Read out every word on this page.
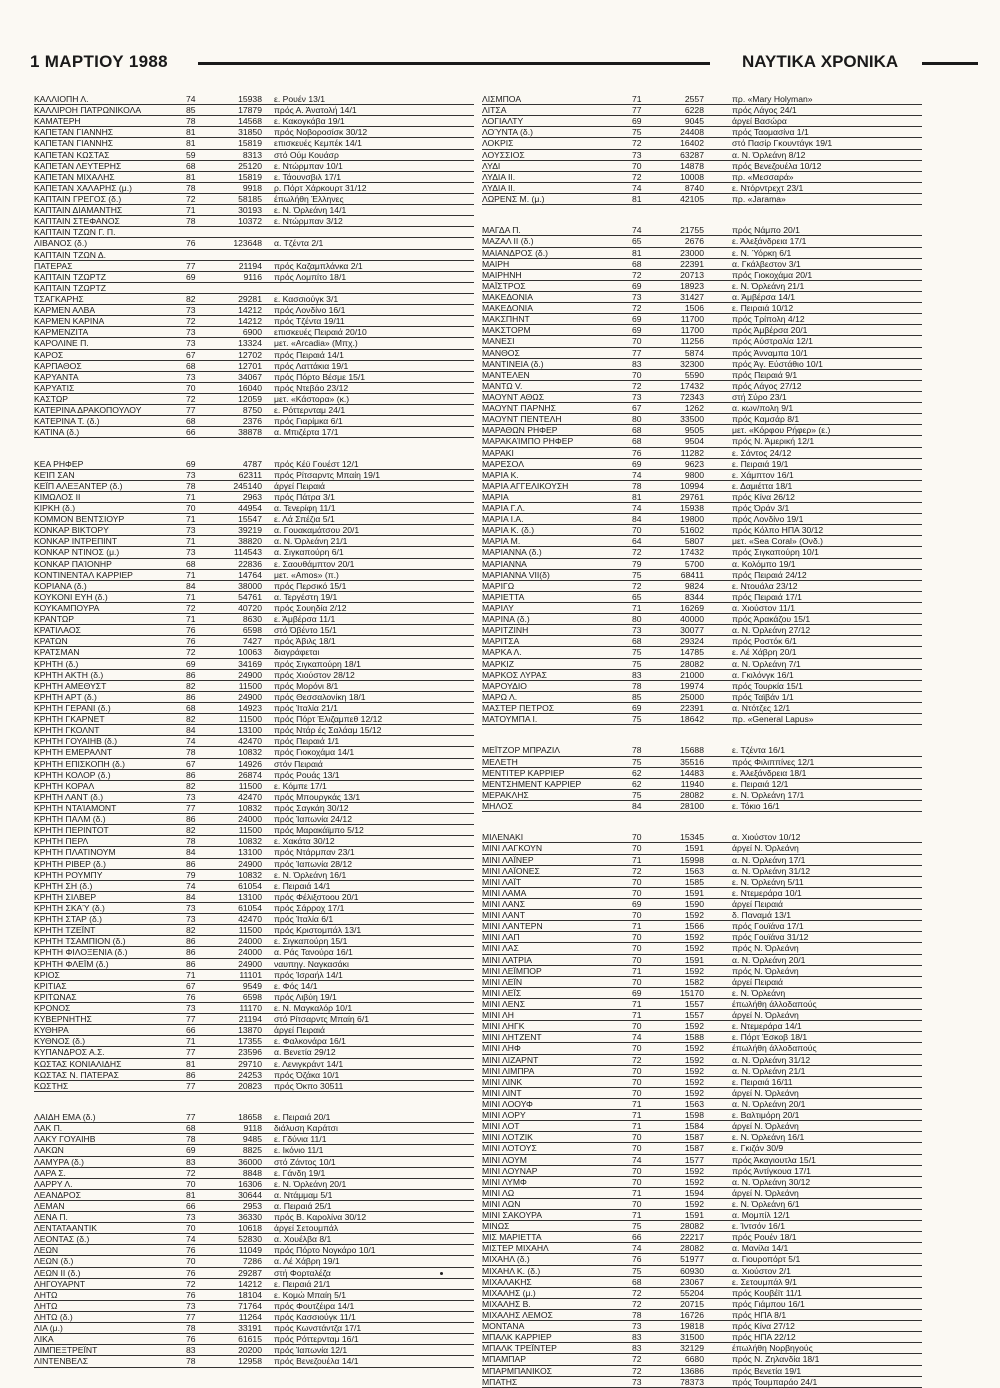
1 ΜΑΡΤΙΟΥ 1988	ΝΑΥΤΙΚΑ ΧΡΟΝΙΚΑ
ΚΑΛΛΙΟΠΗ Λ.	74	15938 ε. Ρουέν 13/1
ΚΑΛΛΙΡΟΗ ΠΑΤΡΩΝΙΚΟΛΑ	85	17879 πρός Α. Άνατολή 14/1
ΚΑΜΑΤΕΡΗ	78	14568 ε. Κακογκάβα 19/1
ΚΑΠΕΤΑΝ ΓΙΑΝΝΗΣ	81	31850 πρός Νοβοροσίσκ 30/12
ΚΑΠΕΤΑΝ ΓΙΑΝΝΗΣ	81	15819 επισκευές Κεμπέκ 14/1
ΚΑΠΕΤΑΝ ΚΩΣΤΑΣ	59	8313 στό Ούμ Κουάσρ
ΚΑΠΕΤΑΝ ΛΕΥΤΕΡΗΣ	68	25120 ε. Ντώρμπαν 10/1
ΚΑΠΕΤΑΝ ΜΙΧΑΛΗΣ	81	15819 ε. Τάουνσβιλ 17/1
ΚΑΠΕΤΑΝ ΧΑΛΑΡΗΣ (μ.)	78	9918 ρ. Πόρτ Χάρκουρτ 31/12
ΚΑΠΤΑΙΝ ΓΡΕΓΟΣ (δ.)	72	58185 έπωλήθη Έλληνες
ΚΑΠΤΑΙΝ ΔΙΑΜΑΝΤΗΣ	71	30193 ε. Ν. Όρλεάνη 14/1
ΚΑΠΤΑΙΝ ΣΤΕΦΑΝΟΣ	78	10372 ε. Ντώρμπαν 3/12
ΚΑΠΤΑΙΝ ΤΖΩΝ Γ. Π.
ΛΙΒΑΝΟΣ (δ.)	76	123648 α. Τζέντα 2/1
ΚΑΠΤΑΙΝ ΤΖΩΝ Δ.
ΠΑΤΕΡΑΣ	77	21194 πρός Καζαμπλάνκα 2/1
ΚΑΠΤΑΙΝ ΤΖΩΡΤΖ	69	9116 πρός Λομπίτο 18/1
ΚΑΠΤΑΙΝ ΤΖΩΡΤΖ
ΤΣΑΓΚΑΡΗΣ	82	29281 ε. Κασσιούγκ 3/1
ΚΑΡΜΕΝ ΑΛΒΑ	73	14212 πρός Λονδίνο 16/1
ΚΑΡΜΕΝ ΚΑΡΙΝΑ	72	14212 πρός Τζέντα 19/11
ΚΑΡΜΕΝΖΙΤΑ	73	6900 επισκευές Πειραιά 20/10
ΚΑΡΟΛΙΝΕ Π.	73	13324 μετ. «Arcadia» (Μπχ.)
ΚΑΡΟΣ	67	12702 πρός Πειραιά 14/1
ΚΑΡΠΑΘΟΣ	68	12701 πρός Λαττάκια 19/1
ΚΑΡΥΑΝΤΑ	73	34067 πρός Πόρτο Βέσμε 15/1
ΚΑΡΥΑΤΙΣ	70	16040 πρός Ντεβάο 23/12
ΚΑΣΤΩΡ	72	12059 μετ. «Κάστορα» (κ.)
ΚΑΤΕΡΙΝΑ ΔΡΑΚΟΠΟΥΛΟΥ	77	8750 ε. Ρόττερνταμ 24/1
ΚΑΤΕΡΙΝΑ Τ. (δ.)	68	2376 πρός Γιαρίμκα 6/1
ΚΑΤΙΝΑ (δ.)	66	38878 α. Μπιζέρτα 17/1
ΚΕΑ ΡΗΦΕΡ	69	4787 πρός Κέϋ Γουέστ 12/1
ΚΕΊΠ ΣΑΝ	73	62311 πρός Ρίτσαρντς Μπαίη 19/1
ΚΕΪΠ ΑΛΕΞΑΝΤΕΡ (δ.)	78	245140 άργεί Πειραιά
ΚΙΜΩΛΟΣ ΙΙ	71	2963 πρός Πάτρα 3/1
ΚΙΡΚΗ (δ.)	70	44954 α. Τενερίφη 11/1
ΚΟΜΜΟΝ ΒΕΝΤΣΙΟΥΡ	71	15547 ε. Λά Σπέζια 5/1
ΚΟΝΚΑΡ ΒΙΚΤΟΡΥ	73	39219 α. Γουακαμάτσου 20/1
ΚΟΝΚΑΡ ΙΝΤΡΕΠΙΝΤ	71	38820 α. Ν. Όρλεάνη 21/1
ΚΟΝΚΑΡ ΝΤΙΝΟΣ (μ.)	73	114543 α. Σιγκαπούρη 6/1
ΚΟΝΚΑΡ ΠΑΊΟΝΗΡ	68	22836 ε. Σαουθάμπτον 20/1
ΚΟΝΤΙΝΕΝΤΑΛ ΚΑΡΡΙΕΡ	71	14764 μετ. «Amos» (π.)
ΚΟΡΙΑΝΑ (δ.)	84	38000 πρός Περσικό 15/1
ΚΟΥΚΟΝΙ ΕΥΗ (δ.)	71	54761 α. Τεργέστη 19/1
ΚΟΥΚΑΜΠΟΥΡΑ	72	40720 πρός Σουηδία 2/12
ΚΡΑΝΤΩΡ	71	8630 ε. Άμβέρσα 11/1
ΚΡΑΤΙΛΑΟΣ	76	6598 στό Όβέντο 15/1
ΚΡΑΤΩΝ	76	7427 πρός Άβιλς 18/1
ΚΡΑΤΣΜΑΝ	72	10063 διαγράφεται
ΚΡΗΤΗ (δ.)	69	34169 πρός Σιγκαπούρη 18/1
ΚΡΗΤΗ ΑΚΤΗ (δ.)	86	24900 πρός Χιούστον 28/12
ΚΡΗΤΗ ΑΜΕΘΥΣΤ	82	11500 πρός Μορόνι 8/1
ΚΡΗΤΗ ΑΡΤ (δ.)	86	24900 πρός Θεσσαλονίκη 18/1
ΚΡΗΤΗ ΓΕΡΑΝΙ (δ.)	68	14923 πρός Ίταλία 21/1
ΚΡΗΤΗ ΓΚΑΡΝΕΤ	82	11500 πρός Πόρτ Έλιζαμπεθ 12/12
ΚΡΗΤΗ ΓΚΟΛΝΤ	84	13100 πρός Ντάρ ές Σαλάαμ 15/12
ΚΡΗΤΗ ΓΟΥΑΙΗΒ (δ.)	74	42470 πρός Πειραιά 1/1
ΚΡΗΤΗ ΕΜΕΡΑΛΝΤ	78	10832 πρός Γιοκοχάμα 14/1
ΚΡΗΤΗ ΕΠΙΣΚΟΠΗ (δ.)	67	14926 στόν Πειραιά
ΚΡΗΤΗ ΚΟΛΟΡ (δ.)	86	26874 πρός Ρουάς 13/1
ΚΡΗΤΗ ΚΟΡΑΛ	82	11500 ε. Κόμπε 17/1
ΚΡΗΤΗ ΛΑΝΤ (δ.)	73	42470 πρός Μπουργκάς 13/1
ΚΡΗΤΗ ΝΤΑΊΑΜΟΝΤ	77	10832 πρός Σαγκάη 30/12
ΚΡΗΤΗ ΠΑΛΜ (δ.)	86	24000 πρός Ίαπωνία 24/12
ΚΡΗΤΗ ΠΕΡΙΝΤΟΤ	82	11500 πρός Μαρακάϊμπο 5/12
ΚΡΗΤΗ ΠΕΡΛ	78	10832 ε. Χακάτα 30/12
ΚΡΗΤΗ ΠΛΑΤΙΝΟΥΜ	84	13100 πρός Ντάρμπαν 23/1
ΚΡΗΤΗ ΡΙΒΕΡ (δ.)	86	24900 πρός Ίαπωνία 28/12
ΚΡΗΤΗ ΡΟΥΜΠΥ	79	10832 ε. Ν. Όρλεάνη 16/1
ΚΡΗΤΗ ΣΗ (δ.)	74	61054 ε. Πειραιά 14/1
ΚΡΗΤΗ ΣΙΛΒΕΡ	84	13100 πρός Φέλιξστοου 20/1
ΚΡΗΤΗ ΣΚΑΎ (δ.)	73	61054 πρός Σάρροχ 17/1
ΚΡΗΤΗ ΣΤΑΡ (δ.)	73	42470 πρός Ίταλία 6/1
ΚΡΗΤΗ ΤΖΕΪΝΤ	82	11500 πρός Κριστομπάλ 13/1
ΚΡΗΤΗ ΤΣΑΜΠΙΟΝ (δ.)	86	24000 ε. Σιγκαπούρη 15/1
ΚΡΗΤΗ ΦΙΛΟΞΕΝΙΑ (δ.)	86	24000 α. Ράς Τανούρα 16/1
ΚΡΗΤΗ ΦΛΕΪΜ (δ.)	86	24900 ναυπηγ. Ναγκασάκι
ΚΡΙΟΣ	71	11101 πρός Ίσραήλ 14/1
ΚΡΙΤΙΑΣ	67	9549 ε. Φός 14/1
ΚΡΙΤΩΝΑΣ	76	6598 πρός Λιβύη 19/1
ΚΡΟΝΟΣ	73	11170 ε. Ν. Μαγκαλόρ 10/1
ΚΥΒΕΡΝΗΤΗΣ	77	21194 στό Ρίτσαρντς Μπαίη 6/1
ΚΥΘΗΡΑ	66	13870 άργεί Πειραιά
ΚΥΘΝΟΣ (δ.)	71	17355 ε. Φαλκονάρα 16/1
ΚΥΠΑΝΔΡΟΣ Α.Σ.	77	23596 α. Βενετία 29/12
ΚΩΣΤΑΣ ΚΟΝΙΑΛΙΔΗΣ	81	29710 ε. Λενιγκράντ 14/1
ΚΩΣΤΑΣ Ν. ΠΑΤΕΡΑΣ	86	24253 πρός Όζάκα 10/1
ΚΩΣΤΗΣ	77	20823 πρός Όκπο 30511
ΛΑΙΔΗ ΕΜΑ (δ.)	77	18658 ε. Πειραιά 20/1
ΛΑΚ Π.	68	9118 διάλυση Καράτσι
ΛΑΚΥ ΓΟΥΑΙΗΒ	78	9485 ε. Γδύνια 11/1
ΛΑΚΩΝ	69	8825 ε. Ικόνιο 11/1
ΛΑΜΥΡΑ (δ.)	83	36000 στό Ζάντος 10/1
ΛΑΡΑ Σ.	72	8848 ε. Γάνδη 19/1
ΛΑΡΡΥ Λ.	70	16306 ε. Ν. Όρλεάνη 20/1
ΛΕΑΝΔΡΟΣ	81	30644 α. Ντάμμαμ 5/1
ΛΕΜΑΝ	66	2953 α. Πειραιά 25/1
ΛΕΝΑ Π.	73	36330 πρός Β. Καρολίνα 30/12
ΛΕΝΤΑΤΑΑΝΤΙΚ	70	10618 άργεί Σετουμπάλ
ΛΕΟΝΤΑΣ (δ.)	74	52830 α. Χουέλβα 8/1
ΛΕΩΝ	76	11049 πρός Πόρτο Νογκάρο 10/1
ΛΕΩΝ (δ.)	70	7286 α. Λέ Χάβρη 19/1
ΛΕΩΝ ΙΙ (δ.)	76	29287 στή Φορταλέζα
ΛΗΓΟΥΑΡΝΤ	72	14212 ε. Πειραιά 21/1
ΛΗΤΩ	76	18104 ε. Κομώ Μπαίη 5/1
ΛΗΤΩ	73	71764 πρός Φουτζέιρα 14/1
ΛΗΤΩ (δ.)	77	11264 πρός Κασσιούγκ 11/1
ΛΙΑ (μ.)	78	33191 πρός Κωνστάντζα 17/1
ΛΙΚΑ	76	61615 πρός Ρόττερνταμ 16/1
ΛΙΜΠΕΞΤΡΕΪΝΤ	83	20200 πρός Ίαπωνία 12/1
ΛΙΝΤΕΝΒΕΛΣ	78	12958 πρός Βενεζουέλα 14/1
ΛΙΣΜΠΟΑ	71	2557	πρ. «Mary Holyman»
ΛΙΤΣΑ	77	6228	πρός Λάγος 24/1
ΛΟΓΙΑΛΤΥ	69	9045	άργεί Βασώρα
ΛΟΎΝΤΑ (δ.)	75	24408	πρός Ταομασίνα 1/1
ΛΟΚΡΙΣ	72	16402	στό Πασίρ Γκουντάγκ 19/1
ΛΟΥΣΣΙΟΣ	73	63287	α. Ν. Όρλεάνη 8/12
ΛΥΔΙ	70	14878	πρός Βενεζουέλα 10/12
ΛΥΔΙΑ ΙΙ.	72	10008	πρ. «Μεσσαρά»
ΛΥΔΙΑ ΙΙ.	74	8740	ε. Ντόρντρεχτ 23/1
ΛΩΡΕΝΣ Μ. (μ.)	81	42105	πρ. «Jarama»
ΜΑΓΔΑ Π.	74	21755	πρός Νάμπο 20/1
ΜΑΖΑΛ ΙΙ (δ.)	65	2676	ε. Άλεξάνδρεια 17/1
ΜΑΙΑΝΔΡΟΣ (δ.)	81	23000	ε. Ν. Ύόρκη 6/1
ΜΑΙΡΗ	68	22391	α. Γκάλβεστον 3/1
ΜΑΙΡΗΝΗ	72	20713	πρός Γιοκοχάμα 20/1
ΜΑΪΣΤΡΟΣ	69	18923	ε. Ν. Όρλεάνη 21/1
ΜΑΚΕΔΟΝΙΑ	73	31427	α. Άμβέρσα 14/1
ΜΑΚΕΔΟΝΙΑ	72	1506	ε. Πειραιά 10/12
ΜΑΚΣΠΗΝΤ	69	11700	πρός Τρίπολη 4/12
ΜΑΚΣΤΟΡΜ	69	11700	πρός Άμβέρσα 20/1
ΜΑΝΕΣΙ	70	11256	πρός Αύστραλία 12/1
ΜΑΝΘΟΣ	77	5874	πρός Άνναμπα 10/1
ΜΑΝΤΙΝΕΙΑ (δ.)	83	32300	πρός Άγ. Εύστάθιο 10/1
ΜΑΝΤΕΛΕΝ	70	5590	πρός Πειραιά 9/1
ΜΑΝΤΩ V.	72	17432	πρός Λάγος 27/12
ΜΑΟΥΝΤ ΑΘΩΣ	73	72343	στή Σύρο 23/1
ΜΑΟΥΝΤ ΠΑΡΝΗΣ	67	1262	α. κων/πολη 9/1
ΜΑΟΥΝΤ ΠΕΝΤΕΛΗ	80	33500	πρός Καμσάρ 8/1
ΜΑΡΑΘΩΝ ΡΗΦΕΡ	68	9505	μετ. «Κόρφου Ρήφερ» (ε.)
ΜΑΡΑΚΑΊΜΠΟ ΡΗΦΕΡ	68	9504	πρός Ν. Άμερική 12/1
ΜΑΡΑΚΙ	76	11282	ε. Σάντος 24/12
ΜΑΡΕΣΟΛ	69	9623	ε. Πειραιά 19/1
ΜΑΡΙΑ Κ.	74	9800	ε. Χάμπτον 16/1
ΜΑΡΙΑ ΑΓΓΕΛΙΚΟΥΣΗ	78	10994	ε. Δαμιέττα 18/1
ΜΑΡΙΑ	81	29761	πρός Κίνα 26/12
ΜΑΡΙΑ Γ.Λ.	74	15938	πρός Όράν 3/1
ΜΑΡΙΑ Ι.Α.	84	19800	πρός Λονδίνο 19/1
ΜΑΡΙΑ Κ. (δ.)	70	51602	πρός Κόλπο ΗΠΑ 30/12
ΜΑΡΙΑ Μ.	64	5807	μετ. «Sea Coral» (Ονδ.)
ΜΑΡΙΑΝΝΑ (δ.)	72	17432	πρός Σιγκαπούρη 10/1
ΜΑΡΙΑΝΝΑ	79	5700	α. Κολόμπο 19/1
ΜΑΡΙΑΝΝΑ VII(δ)	75	68411	πρός Πειραιά 24/12
ΜΑΡΙΓΩ	72	9824	ε. Ντουάλα 23/12
ΜΑΡΙΕΤΤΑ	65	8344	πρός Πειραιά 17/1
ΜΑΡΙΛΥ	71	16269	α. Χιούστον 11/1
ΜΑΡΙΝΑ (δ.)	80	40000	πρός Άρακάζου 15/1
ΜΑΡΙΤΖΙΝΗ	73	30077	α. Ν. Όρλεάνη 27/12
ΜΑΡΙΤΣΑ	68	29324	πρός Ροστόκ 6/1
ΜΑΡΚΑ Λ.	75	14785	ε. Λέ Χάβρη 20/1
ΜΑΡΚΙΖ	75	28082	α. Ν. Όρλεάνη 7/1
ΜΑΡΚΟΣ ΛΥΡΑΣ	83	21000	α. Γκιλόνγκ 16/1
ΜΑΡΟΥΔΙΟ	78	19974	πρός Τουρκία 15/1
ΜΑΡΩ Λ.	85	25000	πρός Ταϊβάν 1/1
ΜΑΣΤΕΡ ΠΕΤΡΟΣ	69	22391	α. Ντότζες 12/1
ΜΑΤΟΥΜΠΑ Ι.	75	18642	πρ. «General Lapus»
ΜΕΪΤΖΟΡ ΜΠΡΑΖΙΛ	78	15688	ε. Τζέντα 16/1
ΜΕΛΕΤΗ	75	35516	πρός Φιλιππίνες 12/1
ΜΕΝΤΙΤΕΡ ΚΑΡΡΙΕΡ	62	14483	ε. Άλεξάνδρεια 18/1
ΜΕΝΤΣΗΜΕΝΤ ΚΑΡΡΙΕΡ	62	11940	ε. Πειραιά 12/1
ΜΕΡΑΚΛΗΣ	75	28082	ε. Ν. Όρλεάνη 17/1
ΜΗΛΟΣ	84	28100	ε. Τόκιο 16/1
ΜΙΛΕΝΑΚΙ	70	15345	α. Χιούστον 10/12
ΜΙΝΙ ΛΑΓΚΟΥΝ	70	1591	άργεί Ν. Όρλεάνη
ΜΙΝΙ ΛΑΪΝΕΡ	71	15998	α. Ν. Όρλεάνη 17/1
ΜΙΝΙ ΛΑΪΟΝΕΣ	72	1563	α. Ν. Όρλεάνη 31/12
ΜΙΝΙ ΛΑΪΤ	70	1585	ε. Ν. Όρλεάνη 5/11
ΜΙΝΙ ΛΑΜΑ	70	1591	ε. Ντεμεράρα 10/1
ΜΙΝΙ ΛΑΝΣ	69	1590	άργεί Πειραιά
ΜΙΝΙ ΛΑΝΤ	70	1592	δ. Παναμά 13/1
ΜΙΝΙ ΛΑΝΤΕΡΝ	71	1566	πρός Γουϊάνα 17/1
ΜΙΝΙ ΛΑΠ	70	1592	πρός Γουϊάνα 31/12
ΜΙΝΙ ΛΑΣ	70	1592	πρός Ν. Όρλεάνη
ΜΙΝΙ ΛΑΤΡΙΑ	70	1591	α. Ν. Όρλεάνη 20/1
ΜΙΝΙ ΛΕΪΜΠΟΡ	71	1592	πρός Ν. Όρλεάνη
ΜΙΝΙ ΛΕΪΝ	70	1582	άργεί Πειραιά
ΜΙΝΙ ΛΕΪΣ	69	15170	ε. Ν. Όρλεάνη
ΜΙΝΙ ΛΕΝΣ	71	1557	έπωλήθη άλλοδαπούς
ΜΙΝΙ ΛΗ	71	1557	άργεί Ν. Όρλεάνη
ΜΙΝΙ ΛΗΓΚ	70	1592	ε. Ντεμεράρα 14/1
ΜΙΝΙ ΛΗΤΖΕΝΤ	74	1588	ε. Πόρτ Έσκοβ 18/1
ΜΙΝΙ ΛΗΦ	70	1592	έπωλήθη άλλοδαπούς
ΜΙΝΙ ΛΙΖΑΡΝΤ	72	1592	α. Ν. Όρλεάνη 31/12
ΜΙΝΙ ΛΙΜΠΡΑ	70	1592	α. Ν. Όρλεάνη 21/1
ΜΙΝΙ ΛΙΝΚ	70	1592	ε. Πειραιά 16/11
ΜΙΝΙ ΛΙΝΤ	70	1592	άργεί Ν. Όρλεάνη
ΜΙΝΙ ΛΟΟΥΦ	71	1563	α. Ν. Όρλεάνη 20/1
ΜΙΝΙ ΛΟΡΥ	71	1598	ε. Βαλτιμόρη 20/1
ΜΙΝΙ ΛΟΤ	71	1584	άργεί Ν. Όρλεάνη
ΜΙΝΙ ΛΟΤΖΙΚ	70	1587	ε. Ν. Όρλεάνη 16/1
ΜΙΝΙ ΛΟΤΟΥΣ	70	1587	ε. Γκιζάν 30/9
ΜΙΝΙ ΛΟΥΜ	74	1577	πρός Άκαγιουτλα 15/1
ΜΙΝΙ ΛΟΥΝΑΡ	70	1592	πρός Άντίγκουα 17/1
ΜΙΝΙ ΛΥΜΦ	70	1592	α. Ν. Όρλεάνη 30/12
ΜΙΝΙ ΛΩ	71	1594	άργεί Ν. Όρλεάνη
ΜΙΝΙ ΛΩΝ	70	1592	ε. Ν. Όρλεάνη 6/1
ΜΙΝΙ ΣΑΚΟΥΡΑ	71	1591	α. Μομπίλ 12/1
ΜΙΝΩΣ	75	28082	ε. Ίντσόν 16/1
ΜΙΣ ΜΑΡΙΕΤΤΑ	66	22217	πρός Ρουέν 18/1
ΜΙΣΤΕΡ ΜΙΧΑΗΛ	74	28082	α. Μανίλα 14/1
ΜΙΧΑΗΛ (δ.)	76	51977	α. Γιουροπόρτ 5/1
ΜΙΧΑΗΛ Κ. (δ.)	75	60930	α. Χιούστον 2/1
ΜΙΧΑΛΑΚΗΣ	68	23067	ε. Σετουμπάλ 9/1
ΜΙΧΑΛΗΣ (μ.)	72	55204	πρός Κουβέϊτ 11/1
ΜΙΧΑΛΗΣ Β.	72	20715	πρός Γιάμπου 16/1
ΜΙΧΑΛΗΣ ΛΕΜΟΣ	78	16726	πρός ΗΠΑ 8/1
ΜΟΝΤΑΝΑ	73	19818	πρός Κίνα 27/12
ΜΠΑΛΚ ΚΑΡΡΙΕΡ	83	31500	πρός ΗΠΑ 22/12
ΜΠΑΛΚ ΤΡΕΪΝΤΕΡ	83	32129	έπωλήθη Νορβηγούς
ΜΠΑΜΠΑΡ	72	6680	πρός Ν. Ζηλανδία 18/1
ΜΠΑΡΜΠΑΝΙΚΟΣ	72	13686	πρός Βενετία 19/1
ΜΠΑΤΗΣ	73	78373	πρός Τουμπαράο 24/1
